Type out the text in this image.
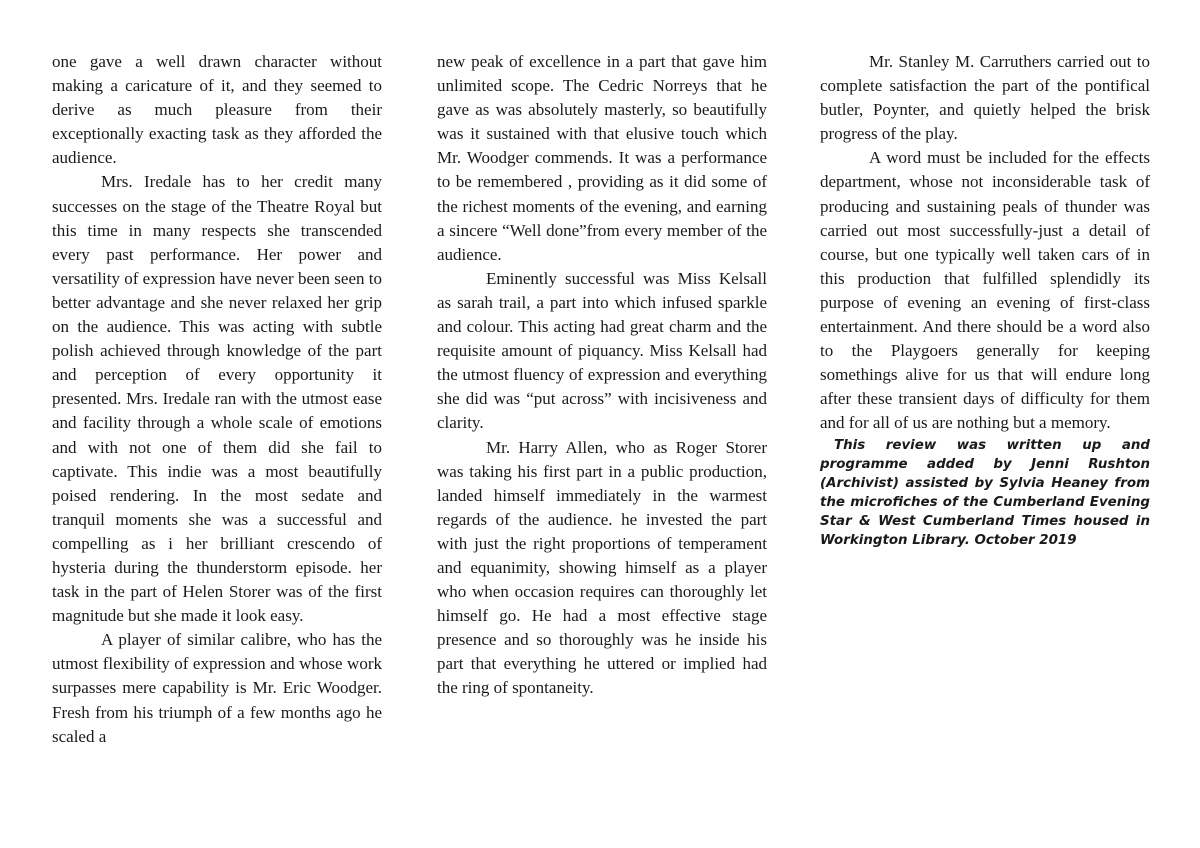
one gave a well drawn character without making a caricature of it, and they seemed to derive as much pleasure from their exceptionally exacting task as they afforded the audience.

Mrs. Iredale has to her credit many successes on the stage of the Theatre Royal but this time in many respects she transcended every past performance. Her power and versatility of expression have never been seen to better advantage and she never relaxed her grip on the audience. This was acting with subtle polish achieved through knowledge of the part and perception of every opportunity it presented. Mrs. Iredale ran with the utmost ease and facility through a whole scale of emotions and with not one of them did she fail to captivate. This indie was a most beautifully poised rendering. In the most sedate and tranquil moments she was a successful and compelling as i her brilliant crescendo of hysteria during the thunderstorm episode. her task in the part of Helen Storer was of the first magnitude but she made it look easy.

A player of similar calibre, who has the utmost flexibility of expression and whose work surpasses mere capability is Mr. Eric Woodger. Fresh from his triumph of a few months ago he scaled a

new peak of excellence in a part that gave him unlimited scope. The Cedric Norreys that he gave as was absolutely masterly, so beautifully was it sustained with that elusive touch which Mr. Woodger commends. It was a performance to be remembered , providing as it did some of the richest moments of the evening, and earning a sincere “Well done”from every member of the audience.

Eminently successful was Miss Kelsall as sarah trail, a part into which infused sparkle and colour. This acting had great charm and the requisite amount of piquancy. Miss Kelsall had the utmost fluency of expression and everything she did was “put across” with incisiveness and clarity.

Mr. Harry Allen, who as Roger Storer was taking his first part in a public production, landed himself immediately in the warmest regards of the audience. he invested the part with just the right proportions of temperament and equanimity, showing himself as a player who when occasion requires can thoroughly let himself go. He had a most effective stage presence and so thoroughly was he inside his part that everything he uttered or implied had the ring of spontaneity.

Mr. Stanley M. Carruthers carried out to complete satisfaction the part of the pontifical butler, Poynter, and quietly helped the brisk progress of the play.

A word must be included for the effects department, whose not inconsiderable task of producing and sustaining peals of thunder was carried out most successfully-just a detail of course, but one typically well taken cars of in this production that fulfilled splendidly its purpose of evening an evening of first-class entertainment. And there should be a word also to the Playgoers generally for keeping somethings alive for us that will endure long after these transient days of difficulty for them and for all of us are nothing but a memory.

This review was written up and programme added by Jenni Rushton (Archivist) assisted by Sylvia Heaney from the microfiches of the Cumberland Evening Star & West Cumberland Times housed in Workington Library. October 2019
